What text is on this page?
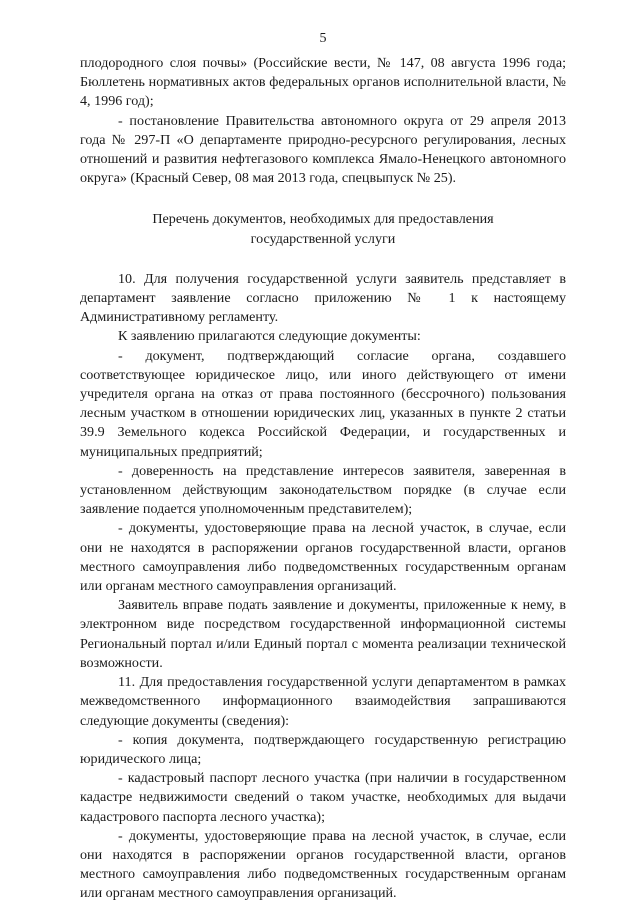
5

плодородного слоя почвы» (Российские вести, № 147, 08 августа 1996 года; Бюллетень нормативных актов федеральных органов исполнительной власти, № 4, 1996 год);

- постановление Правительства автономного округа от 29 апреля 2013 года № 297-П «О департаменте природно-ресурсного регулирования, лесных отношений и развития нефтегазового комплекса Ямало-Ненецкого автономного округа» (Красный Север, 08 мая 2013 года, спецвыпуск № 25).

Перечень документов, необходимых для предоставления
государственной услуги

10. Для получения государственной услуги заявитель представляет в департамент заявление согласно приложению № 1 к настоящему Административному регламенту.

К заявлению прилагаются следующие документы:

- документ, подтверждающий согласие органа, создавшего соответствующее юридическое лицо, или иного действующего от имени учредителя органа на отказ от права постоянного (бессрочного) пользования лесным участком в отношении юридических лиц, указанных в пункте 2 статьи 39.9 Земельного кодекса Российской Федерации, и государственных и муниципальных предприятий;

- доверенность на представление интересов заявителя, заверенная в установленном действующим законодательством порядке (в случае если заявление подается уполномоченным представителем);

- документы, удостоверяющие права на лесной участок, в случае, если они не находятся в распоряжении органов государственной власти, органов местного самоуправления либо подведомственных государственным органам или органам местного самоуправления организаций.

Заявитель вправе подать заявление и документы, приложенные к нему, в электронном виде посредством государственной информационной системы Региональный портал и/или Единый портал с момента реализации технической возможности.

11. Для предоставления государственной услуги департаментом в рамках межведомственного информационного взаимодействия запрашиваются следующие документы (сведения):

- копия документа, подтверждающего государственную регистрацию юридического лица;

- кадастровый паспорт лесного участка (при наличии в государственном кадастре недвижимости сведений о таком участке, необходимых для выдачи кадастрового паспорта лесного участка);

- документы, удостоверяющие права на лесной участок, в случае, если они находятся в распоряжении органов государственной власти, органов местного самоуправления либо подведомственных государственным органам или органам местного самоуправления организаций.
